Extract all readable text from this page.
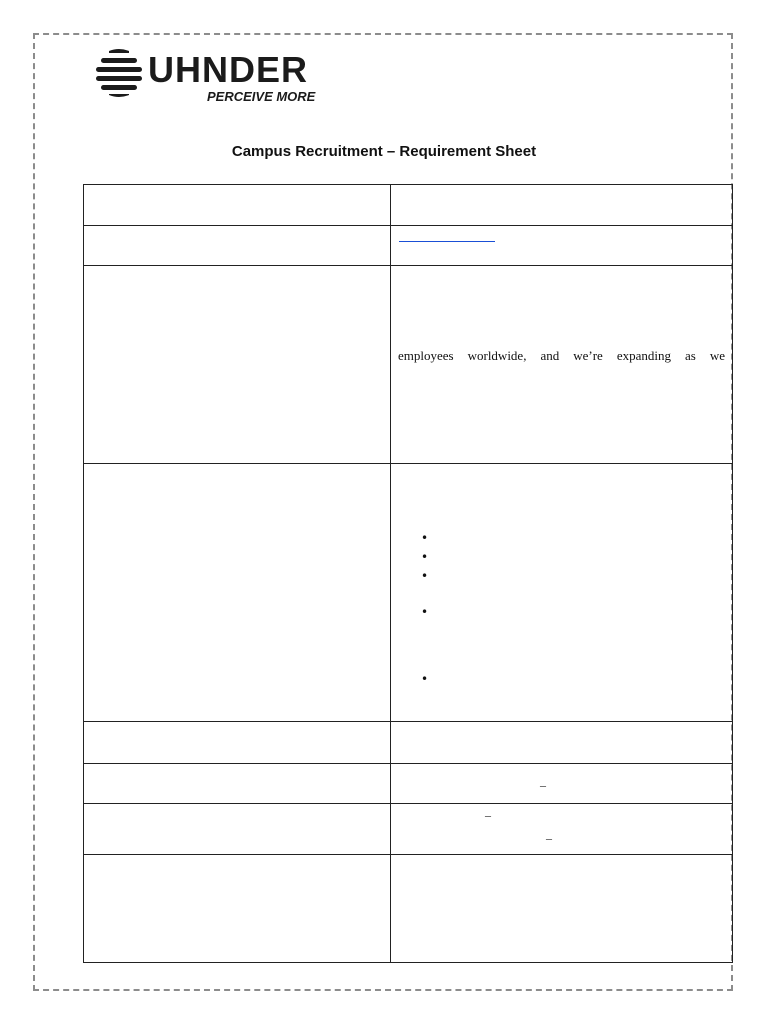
UHNDER
PERCEIVE MORE
Campus Recruitment – Requirement Sheet

	employees worldwide, and we’re expanding as we

	•
•
•
•
•

	–

	–
–
